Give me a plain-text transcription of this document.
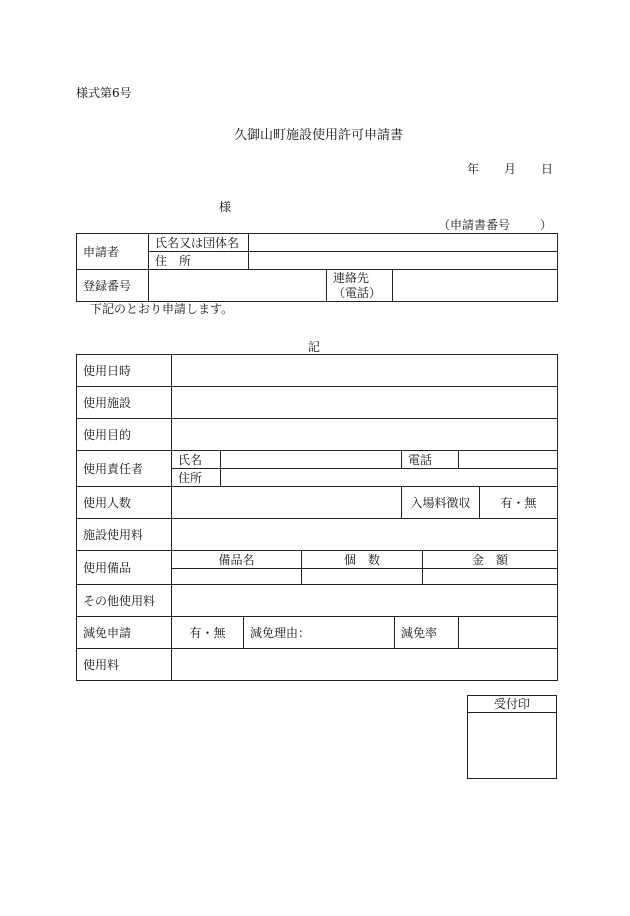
様式第6号
久御山町施設使用許可申請書
年 月 日
様
（申請書番号 ）
申請者	氏名又は団体名			
	住　所			
登録番号			連絡先
（電話）	

下記のとおり申請します。
記
使用日時									
使用施設									
使用目的									
使用責任者	氏名					電話			
	住所								
使用人数						入場料徴収			有・無
施設使用料									
使用備品	備品名			個　数			金　額		

その他使用料									
減免申請	有・無		減免理由：		減免率				
使用料									
受付印
